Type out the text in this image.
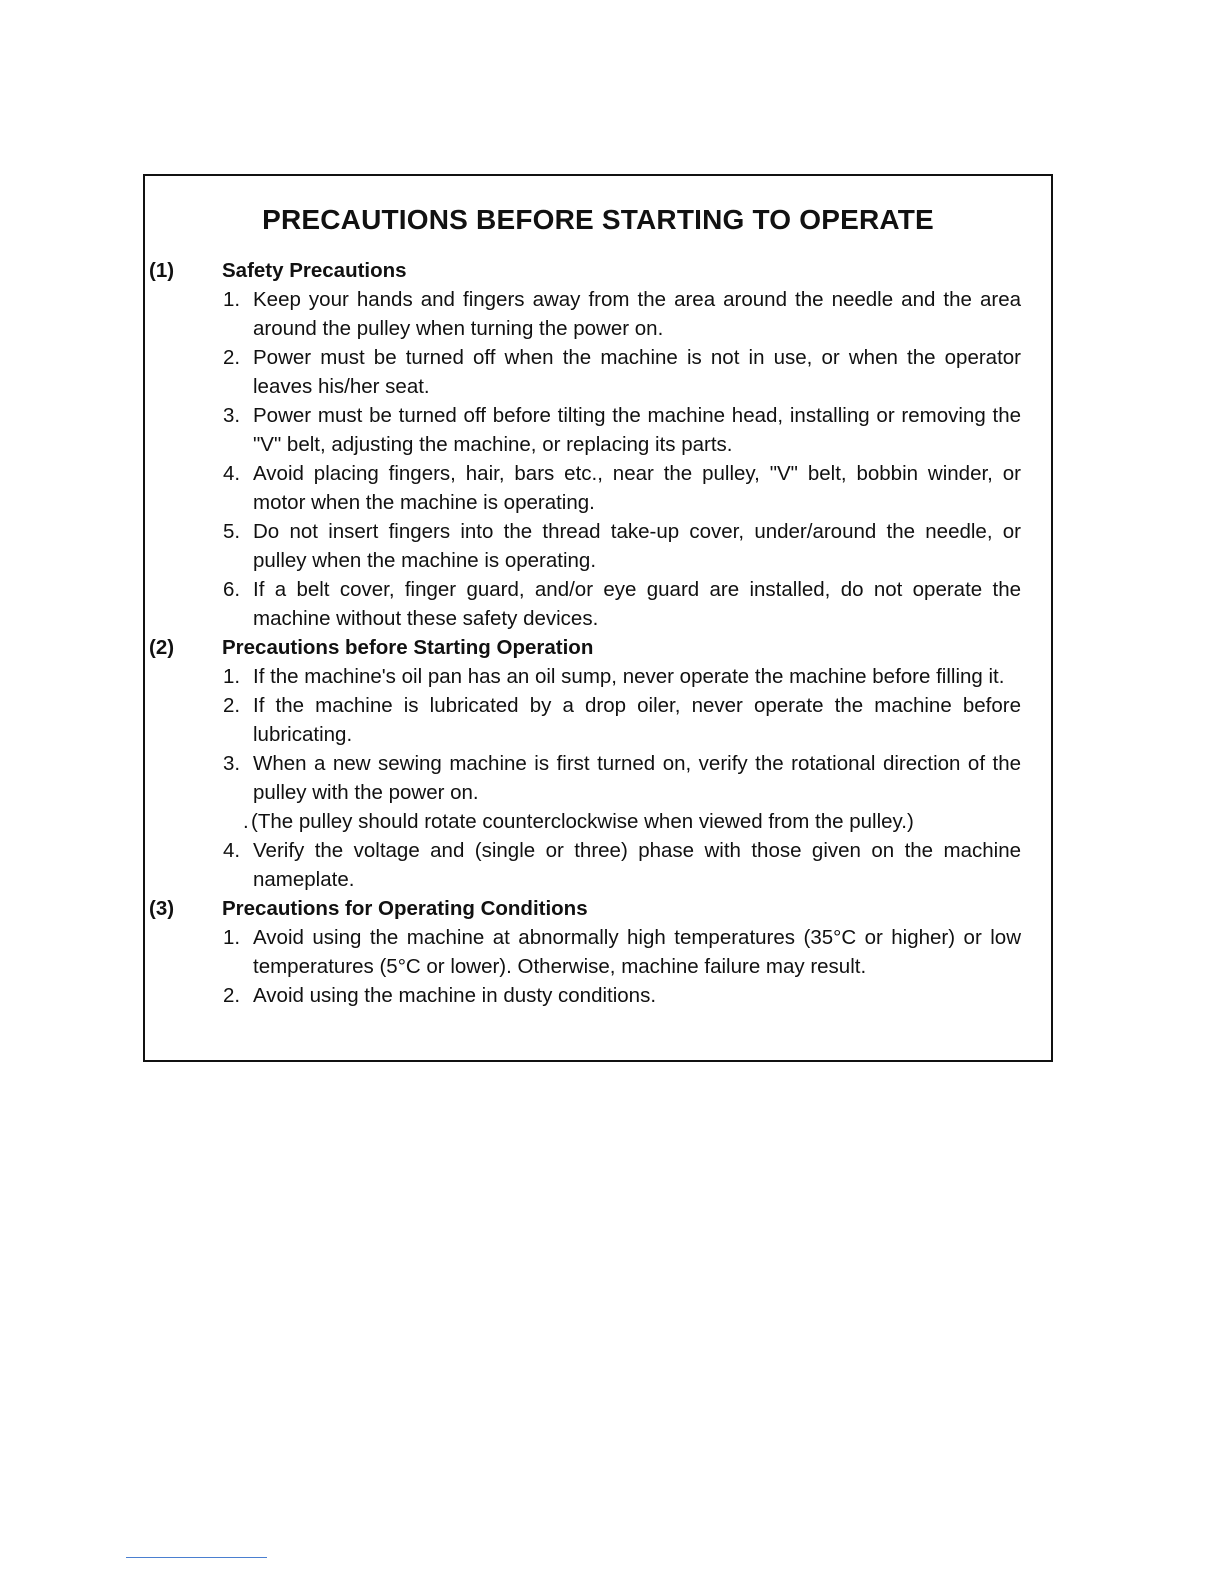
PRECAUTIONS BEFORE STARTING TO OPERATE
(1) Safety Precautions
1. Keep your hands and fingers away from the area around the needle and the area around the pulley when turning the power on.
2. Power must be turned off when the machine is not in use, or when the operator leaves his/her seat.
3. Power must be turned off before tilting the machine head, installing or removing the "V" belt, adjusting the machine, or replacing its parts.
4. Avoid placing fingers, hair, bars etc., near the pulley, "V" belt, bobbin winder, or motor when the machine is operating.
5. Do not insert fingers into the thread take-up cover, under/around the needle, or pulley when the machine is operating.
6. If a belt cover, finger guard, and/or eye guard are installed, do not operate the machine without these safety devices.
(2) Precautions before Starting Operation
1. If the machine's oil pan has an oil sump, never operate the machine before filling it.
2. If the machine is lubricated by a drop oiler, never operate the machine before lubricating.
3. When a new sewing machine is first turned on, verify the rotational direction of the pulley with the power on.
. (The pulley should rotate counterclockwise when viewed from the pulley.)
4. Verify the voltage and (single or three) phase with those given on the machine nameplate.
(3) Precautions for Operating Conditions
1. Avoid using the machine at abnormally high temperatures (35°C or higher) or low temperatures (5°C or lower). Otherwise, machine failure may result.
2. Avoid using the machine in dusty conditions.
